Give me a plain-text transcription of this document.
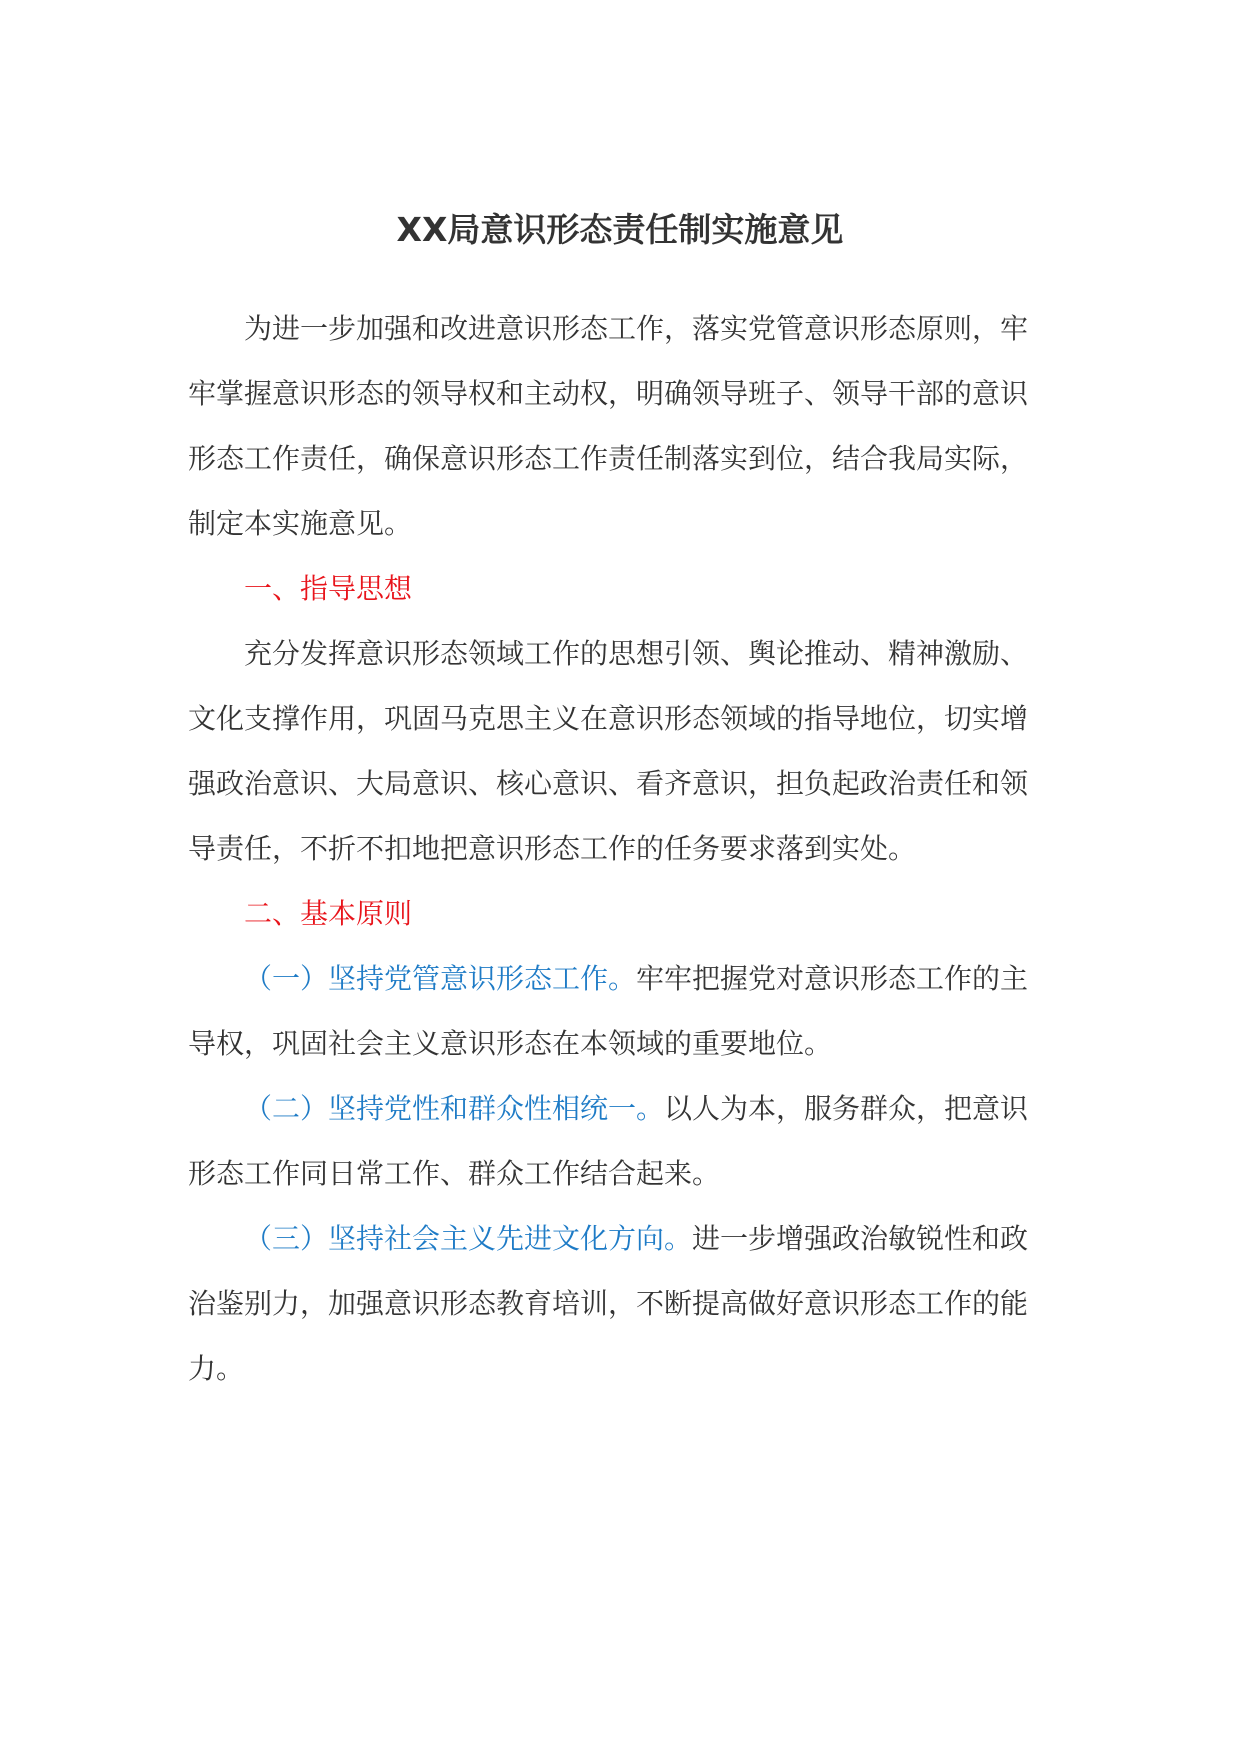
XX局意识形态责任制实施意见

为进一步加强和改进意识形态工作，落实党管意识形态原则，牢牢掌握意识形态的领导权和主动权，明确领导班子、领导干部的意识形态工作责任，确保意识形态工作责任制落实到位，结合我局实际，制定本实施意见。

一、指导思想

充分发挥意识形态领域工作的思想引领、舆论推动、精神激励、文化支撑作用，巩固马克思主义在意识形态领域的指导地位，切实增强政治意识、大局意识、核心意识、看齐意识，担负起政治责任和领导责任，不折不扣地把意识形态工作的任务要求落到实处。

二、基本原则

（一）坚持党管意识形态工作。牢牢把握党对意识形态工作的主导权，巩固社会主义意识形态在本领域的重要地位。

（二）坚持党性和群众性相统一。以人为本，服务群众，把意识形态工作同日常工作、群众工作结合起来。

（三）坚持社会主义先进文化方向。进一步增强政治敏锐性和政治鉴别力，加强意识形态教育培训，不断提高做好意识形态工作的能力。
